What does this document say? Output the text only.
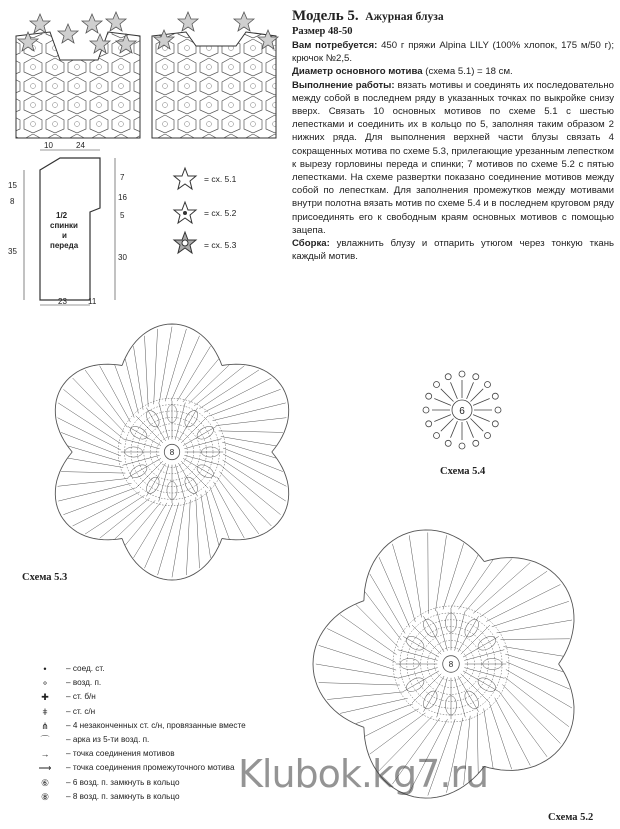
10	24
15
8
35
7
16
5
30
23	11
1/2
спинки
и
переда
= сх. 5.1
= сх. 5.2
= сх. 5.3
Модель 5. Ажурная блуза
Размер 48-50

Вам потребуется: 450 г пряжи Alpina LILY (100% хлопок, 175 м/50 г); крючок №2,5.

Диаметр основного мотива (схема 5.1) = 18 см.

Выполнение работы: вязать мотивы и соединять их последовательно между собой в последнем ряду в указанных точках по выкройке снизу вверх. Связать 10 основных мотивов по схеме 5.1 с шестью лепестками и соединить их в кольцо по 5, заполняя таким образом 2 нижних ряда. Для выполнения верхней части блузы связать 4 сокращенных мотива по схеме 5.3, прилегающие урезанным лепестком к вырезу горловины переда и спинки; 7 мотивов по схеме 5.2 с пятью лепестками. На схеме развертки показано соединение мотивов между собой по лепесткам. Для заполнения промежутков между мотивами внутри полотна вязать мотив по схеме 5.4 и в последнем круговом ряду присоединять его к свободным краям основных мотивов с помощью зацепа.

Сборка: увлажнить блузу и отпарить утюгом через тонкую ткань каждый мотив.

8
Схема 5.3
6
Схема 5.4
8
Схема 5.2
•	– соед. ст.
⚬	– возд. п.
✚	– ст. б/н
ǂ	– ст. с/н
⋔	– 4 незаконченных ст. с/н, провязанные вместе
⌒	– арка из 5-ти возд. п.
→	– точка соединения мотивов
⟶	– точка соединения промежуточного мотива
⑥	– 6 возд. п. замкнуть в кольцо
⑧	– 8 возд. п. замкнуть в кольцо
Klubok.kg7.ru
